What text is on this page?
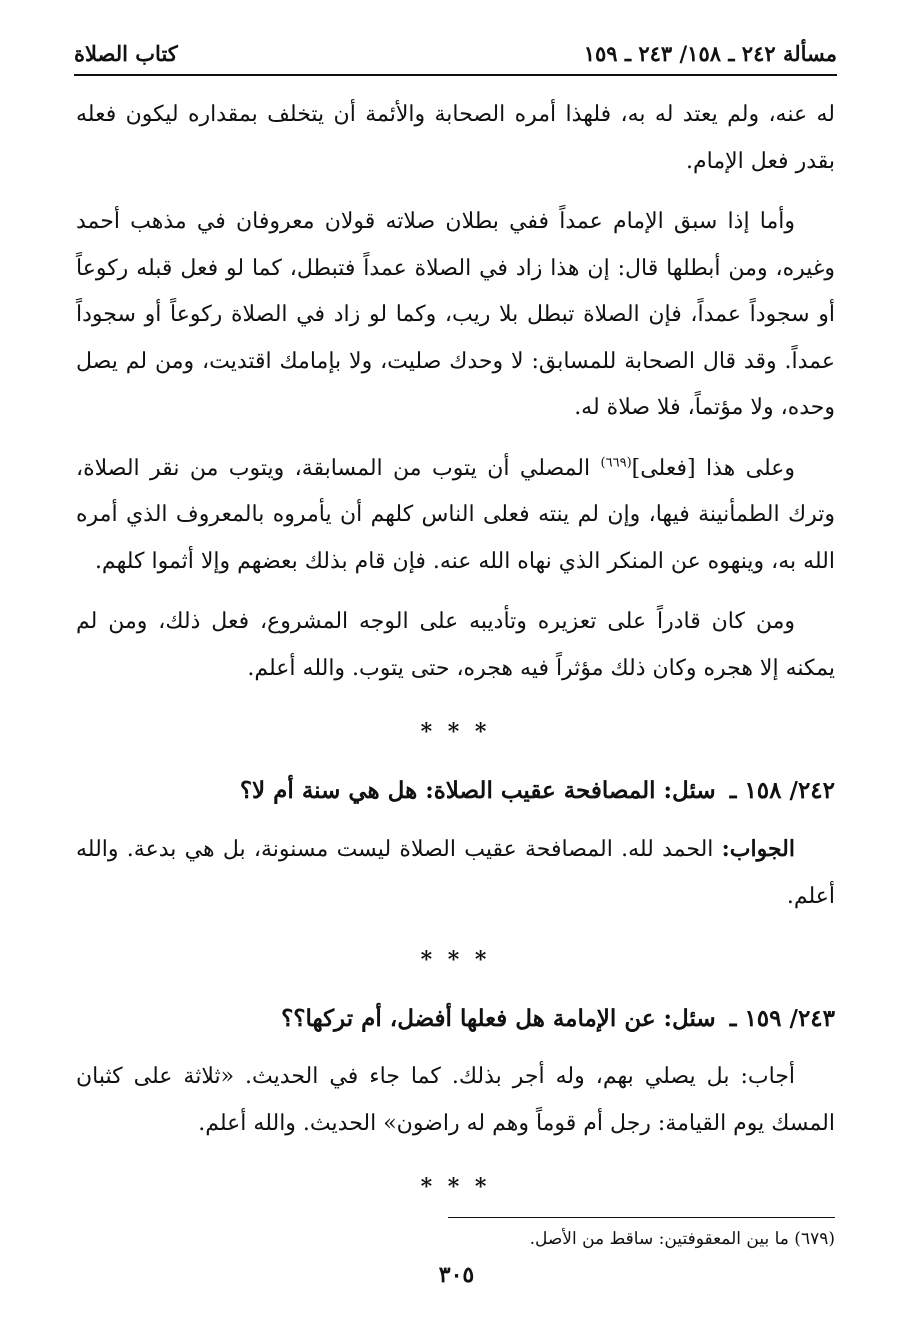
مسألة ٢٤٢ ـ ١٥٨/ ٢٤٣ ـ ١٥٩
كتاب الصلاة

له عنه، ولم يعتد له به، فلهذا أمره الصحابة والأئمة أن يتخلف بمقداره ليكون فعله بقدر فعل الإمام.

وأما إذا سبق الإمام عمداً ففي بطلان صلاته قولان معروفان في مذهب أحمد وغيره، ومن أبطلها قال: إن هذا زاد في الصلاة عمداً فتبطل، كما لو فعل قبله ركوعاً أو سجوداً عمداً، فإن الصلاة تبطل بلا ريب، وكما لو زاد في الصلاة ركوعاً أو سجوداً عمداً. وقد قال الصحابة للمسابق: لا وحدك صليت، ولا بإمامك اقتديت، ومن لم يصل وحده، ولا مؤتماً، فلا صلاة له.

وعلى هذا [فعلى]$^{(٦٦٩)}$ المصلي أن يتوب من المسابقة، ويتوب من نقر الصلاة، وترك الطمأنينة فيها، وإن لم ينته فعلى الناس كلهم أن يأمروه بالمعروف الذي أمره الله به، وينهوه عن المنكر الذي نهاه الله عنه. فإن قام بذلك بعضهم وإلا أثموا كلهم.

ومن كان قادراً على تعزيره وتأديبه على الوجه المشروع، فعل ذلك، ومن لم يمكنه إلا هجره وكان ذلك مؤثراً فيه هجره، حتى يتوب. والله أعلم.

* * *
٢٤٢/ ١٥٨ ـ سئل: المصافحة عقيب الصلاة: هل هي سنة أم لا؟

الجواب: الحمد لله. المصافحة عقيب الصلاة ليست مسنونة، بل هي بدعة. والله أعلم.

* * *
٢٤٣/ ١٥٩ ـ سئل: عن الإمامة هل فعلها أفضل، أم تركها؟؟

أجاب: بل يصلي بهم، وله أجر بذلك. كما جاء في الحديث. «ثلاثة على كثبان المسك يوم القيامة: رجل أم قوماً وهم له راضون» الحديث. والله أعلم.

* * *
(٦٧٩) ما بين المعقوفتين: ساقط من الأصل.
٣٠٥
